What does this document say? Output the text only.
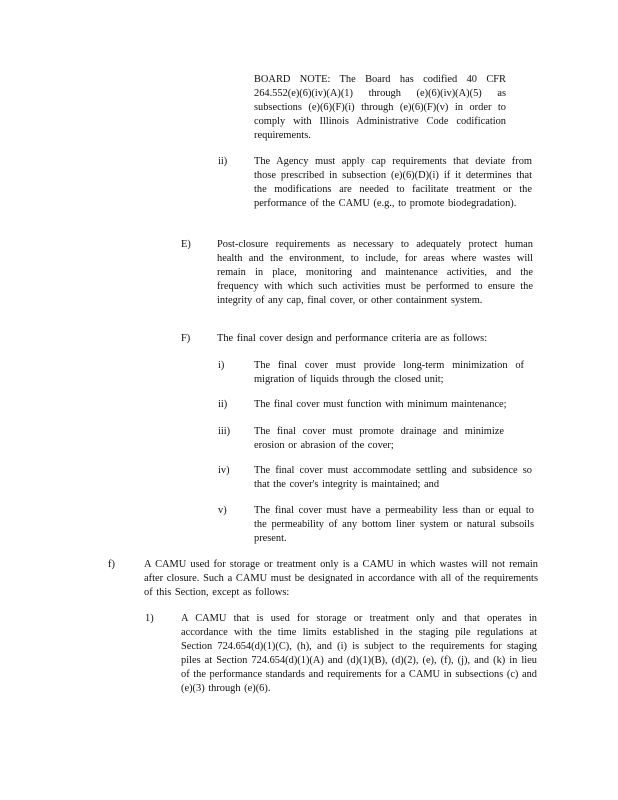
BOARD NOTE: The Board has codified 40 CFR 264.552(e)(6)(iv)(A)(1) through (e)(6)(iv)(A)(5) as subsections (e)(6)(F)(i) through (e)(6)(F)(v) in order to comply with Illinois Administrative Code codification requirements.
ii)	The Agency must apply cap requirements that deviate from those prescribed in subsection (e)(6)(D)(i) if it determines that the modifications are needed to facilitate treatment or the performance of the CAMU (e.g., to promote biodegradation).
E)	Post-closure requirements as necessary to adequately protect human health and the environment, to include, for areas where wastes will remain in place, monitoring and maintenance activities, and the frequency with which such activities must be performed to ensure the integrity of any cap, final cover, or other containment system.
F)	The final cover design and performance criteria are as follows:
i)	The final cover must provide long-term minimization of migration of liquids through the closed unit;
ii)	The final cover must function with minimum maintenance;
iii) The final cover must promote drainage and minimize erosion or abrasion of the cover;
iv) The final cover must accommodate settling and subsidence so that the cover's integrity is maintained; and
v)	The final cover must have a permeability less than or equal to the permeability of any bottom liner system or natural subsoils present.
f)	A CAMU used for storage or treatment only is a CAMU in which wastes will not remain after closure. Such a CAMU must be designated in accordance with all of the requirements of this Section, except as follows:
1)	A CAMU that is used for storage or treatment only and that operates in accordance with the time limits established in the staging pile regulations at Section 724.654(d)(1)(C), (h), and (i) is subject to the requirements for staging piles at Section 724.654(d)(1)(A) and (d)(1)(B), (d)(2), (e), (f), (j), and (k) in lieu of the performance standards and requirements for a CAMU in subsections (c) and (e)(3) through (e)(6).
